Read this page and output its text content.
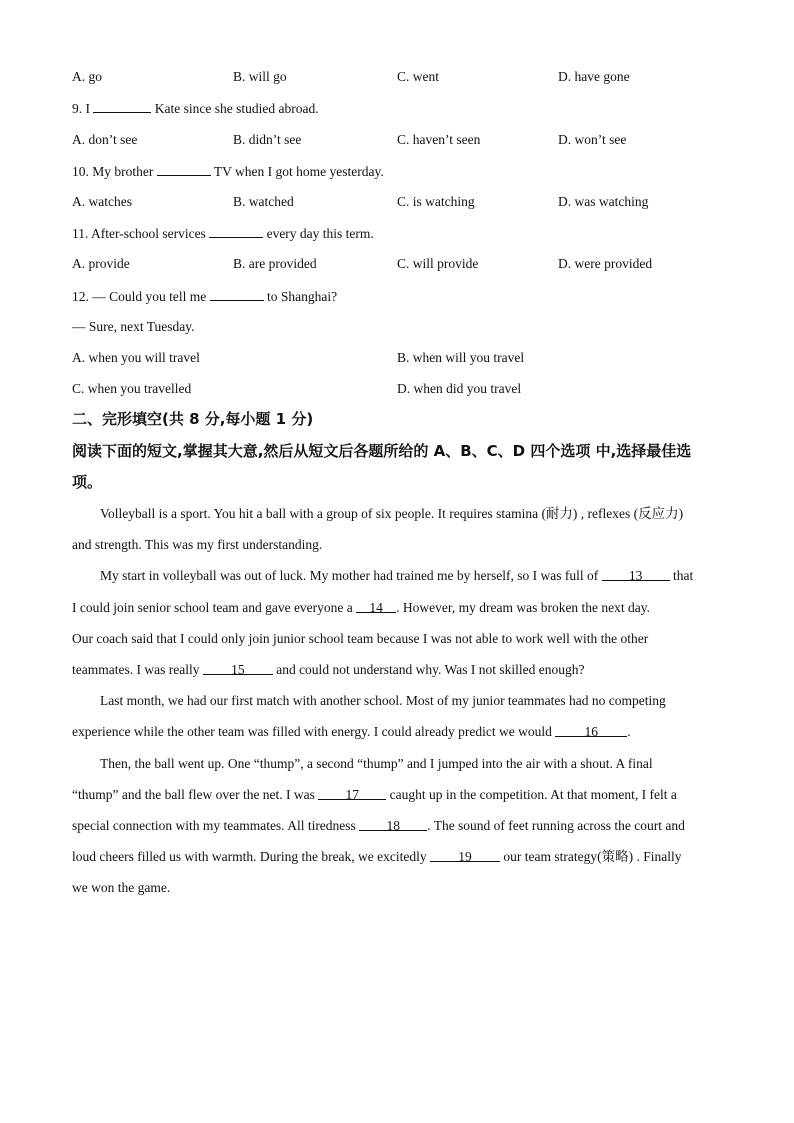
A. go	B. will go	C. went	D. have gone
9. I	Kate since she studied abroad.
A. don’t see	B. didn’t see	C. haven’t seen	D. won’t see
10. My brother	TV when I got home yesterday.
A. watches	B. watched	C. is watching	D. was watching
11. After-school services	every day this term.
A. provide	B. are provided	C. will provide	D. were provided
12. — Could you tell me	to Shanghai?
— Sure, next Tuesday.
A. when you will travel	B. when will you travel
C. when you travelled	D. when did you travel
二、完形填空(共 8 分,每小题 1 分)
阅读下面的短文,掌握其大意,然后从短文后各题所给的 A、B、C、D 四个选项 中,选择最佳选
项。
Volleyball is a sport. You hit a ball with a group of six people. It requires stamina (耐力) , reflexes (反应力)
and strength. This was my first understanding.
My start in volleyball was out of luck. My mother had trained me by herself, so I was full of 13 that
I could join senior school team and gave everyone a 14 . However, my dream was broken the next day.
Our coach said that I could only join junior school team because I was not able to work well with the other
teammates. I was really 15 and could not understand why. Was I not skilled enough?
Last month, we had our first match with another school. Most of my junior teammates had no competing
experience while the other team was filled with energy. I could already predict we would 16 .
Then, the ball went up. One “thump”, a second “thump” and I jumped into the air with a shout. A final
“thump” and the ball flew over the net. I was 17 caught up in the competition. At that moment, I felt a
special connection with my teammates. All tiredness 18 . The sound of feet running across the court and
loud cheers filled us with warmth. During the break, we excitedly 19 our team strategy(策略) . Finally
we won the game.
